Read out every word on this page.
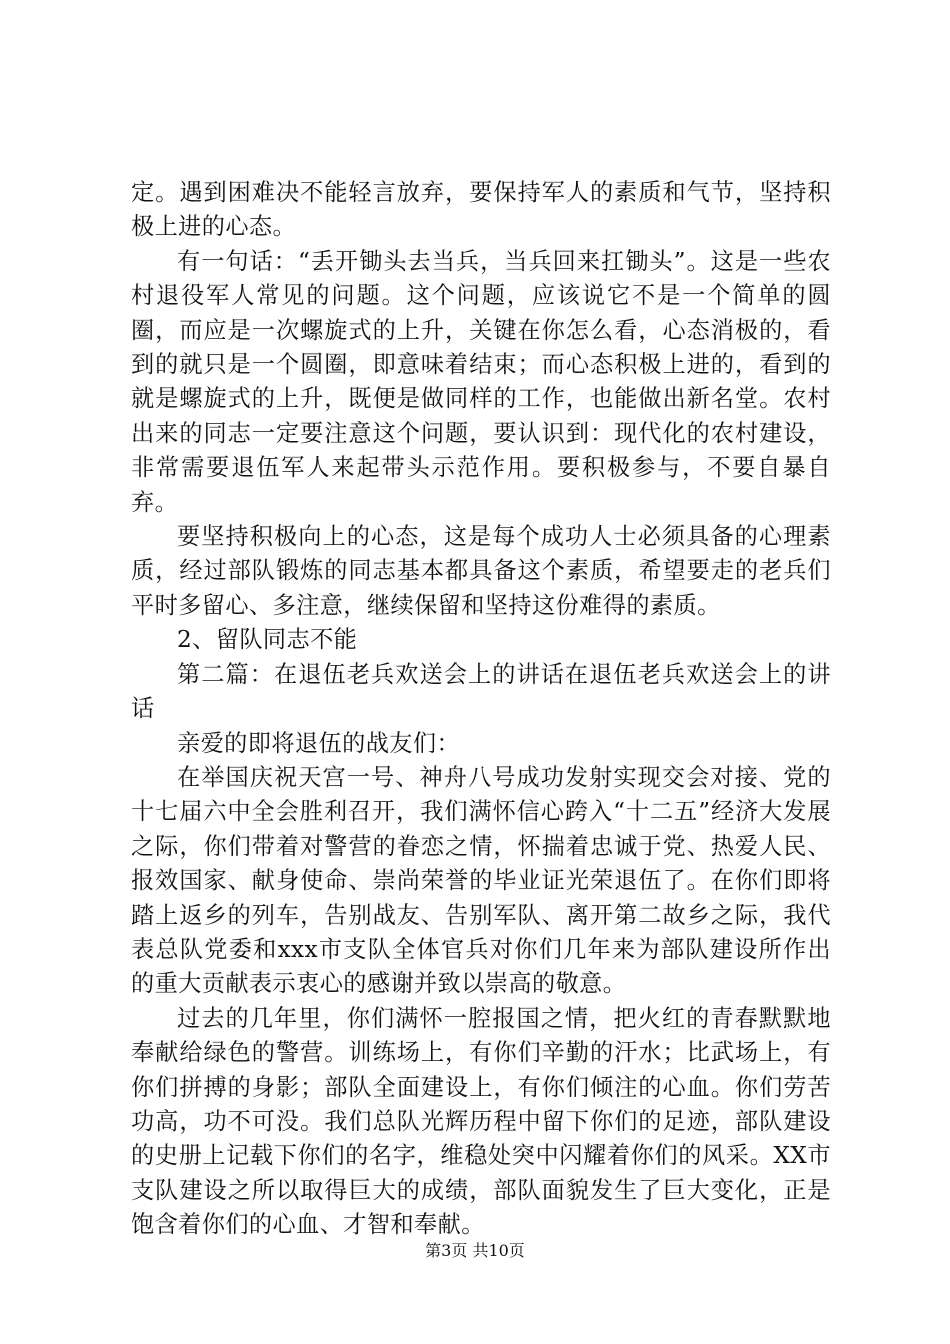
定。遇到困难决不能轻言放弃，要保持军人的素质和气节，坚持积极上进的心态。

有一句话：“丢开锄头去当兵，当兵回来扛锄头”。这是一些农村退役军人常见的问题。这个问题，应该说它不是一个简单的圆圈，而应是一次螺旋式的上升，关键在你怎么看，心态消极的，看到的就只是一个圆圈，即意味着结束；而心态积极上进的，看到的就是螺旋式的上升，既便是做同样的工作，也能做出新名堂。农村出来的同志一定要注意这个问题，要认识到：现代化的农村建设，非常需要退伍军人来起带头示范作用。要积极参与，不要自暴自弃。

要坚持积极向上的心态，这是每个成功人士必须具备的心理素质，经过部队锻炼的同志基本都具备这个素质，希望要走的老兵们平时多留心、多注意，继续保留和坚持这份难得的素质。

2、留队同志不能

第二篇：在退伍老兵欢送会上的讲话在退伍老兵欢送会上的讲话

亲爱的即将退伍的战友们：

在举国庆祝天宫一号、神舟八号成功发射实现交会对接、党的十七届六中全会胜利召开，我们满怀信心跨入“十二五”经济大发展之际，你们带着对警营的眷恋之情，怀揣着忠诚于党、热爱人民、报效国家、献身使命、崇尚荣誉的毕业证光荣退伍了。在你们即将踏上返乡的列车，告别战友、告别军队、离开第二故乡之际，我代表总队党委和xxx市支队全体官兵对你们几年来为部队建设所作出的重大贡献表示衷心的感谢并致以崇高的敬意。

过去的几年里，你们满怀一腔报国之情，把火红的青春默默地奉献给绿色的警营。训练场上，有你们辛勤的汗水；比武场上，有你们拼搏的身影；部队全面建设上，有你们倾注的心血。你们劳苦功高，功不可没。我们总队光辉历程中留下你们的足迹，部队建设的史册上记载下你们的名字，维稳处突中闪耀着你们的风采。XX市支队建设之所以取得巨大的成绩，部队面貌发生了巨大变化，正是饱含着你们的心血、才智和奉献。

第3页 共10页
